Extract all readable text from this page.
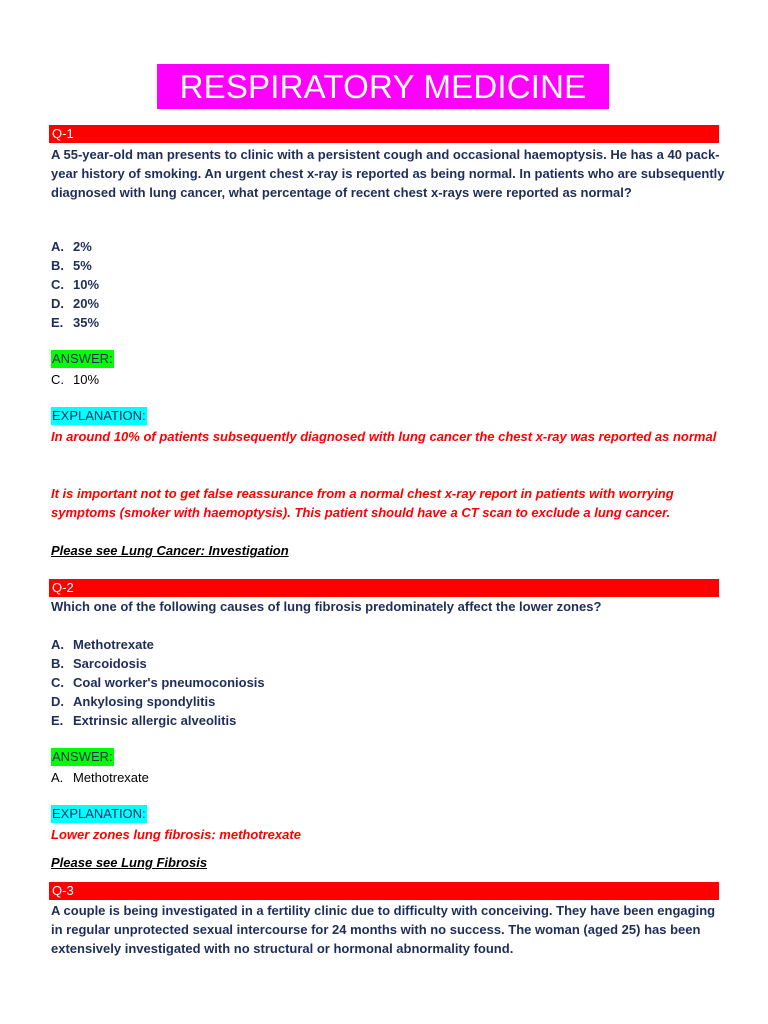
RESPIRATORY MEDICINE
Q-1
A 55-year-old man presents to clinic with a persistent cough and occasional haemoptysis. He has a 40 pack-year history of smoking. An urgent chest x-ray is reported as being normal. In patients who are subsequently diagnosed with lung cancer, what percentage of recent chest x-rays were reported as normal?
A. 2%
B. 5%
C. 10%
D. 20%
E. 35%
ANSWER:
C. 10%
EXPLANATION:
In around 10% of patients subsequently diagnosed with lung cancer the chest x-ray was reported as normal
It is important not to get false reassurance from a normal chest x-ray report in patients with worrying symptoms (smoker with haemoptysis). This patient should have a CT scan to exclude a lung cancer.
Please see Lung Cancer: Investigation
Q-2
Which one of the following causes of lung fibrosis predominately affect the lower zones?
A. Methotrexate
B. Sarcoidosis
C. Coal worker's pneumoconiosis
D. Ankylosing spondylitis
E. Extrinsic allergic alveolitis
ANSWER:
A. Methotrexate
EXPLANATION:
Lower zones lung fibrosis: methotrexate
Please see Lung Fibrosis
Q-3
A couple is being investigated in a fertility clinic due to difficulty with conceiving. They have been engaging in regular unprotected sexual intercourse for 24 months with no success. The woman (aged 25) has been extensively investigated with no structural or hormonal abnormality found.
